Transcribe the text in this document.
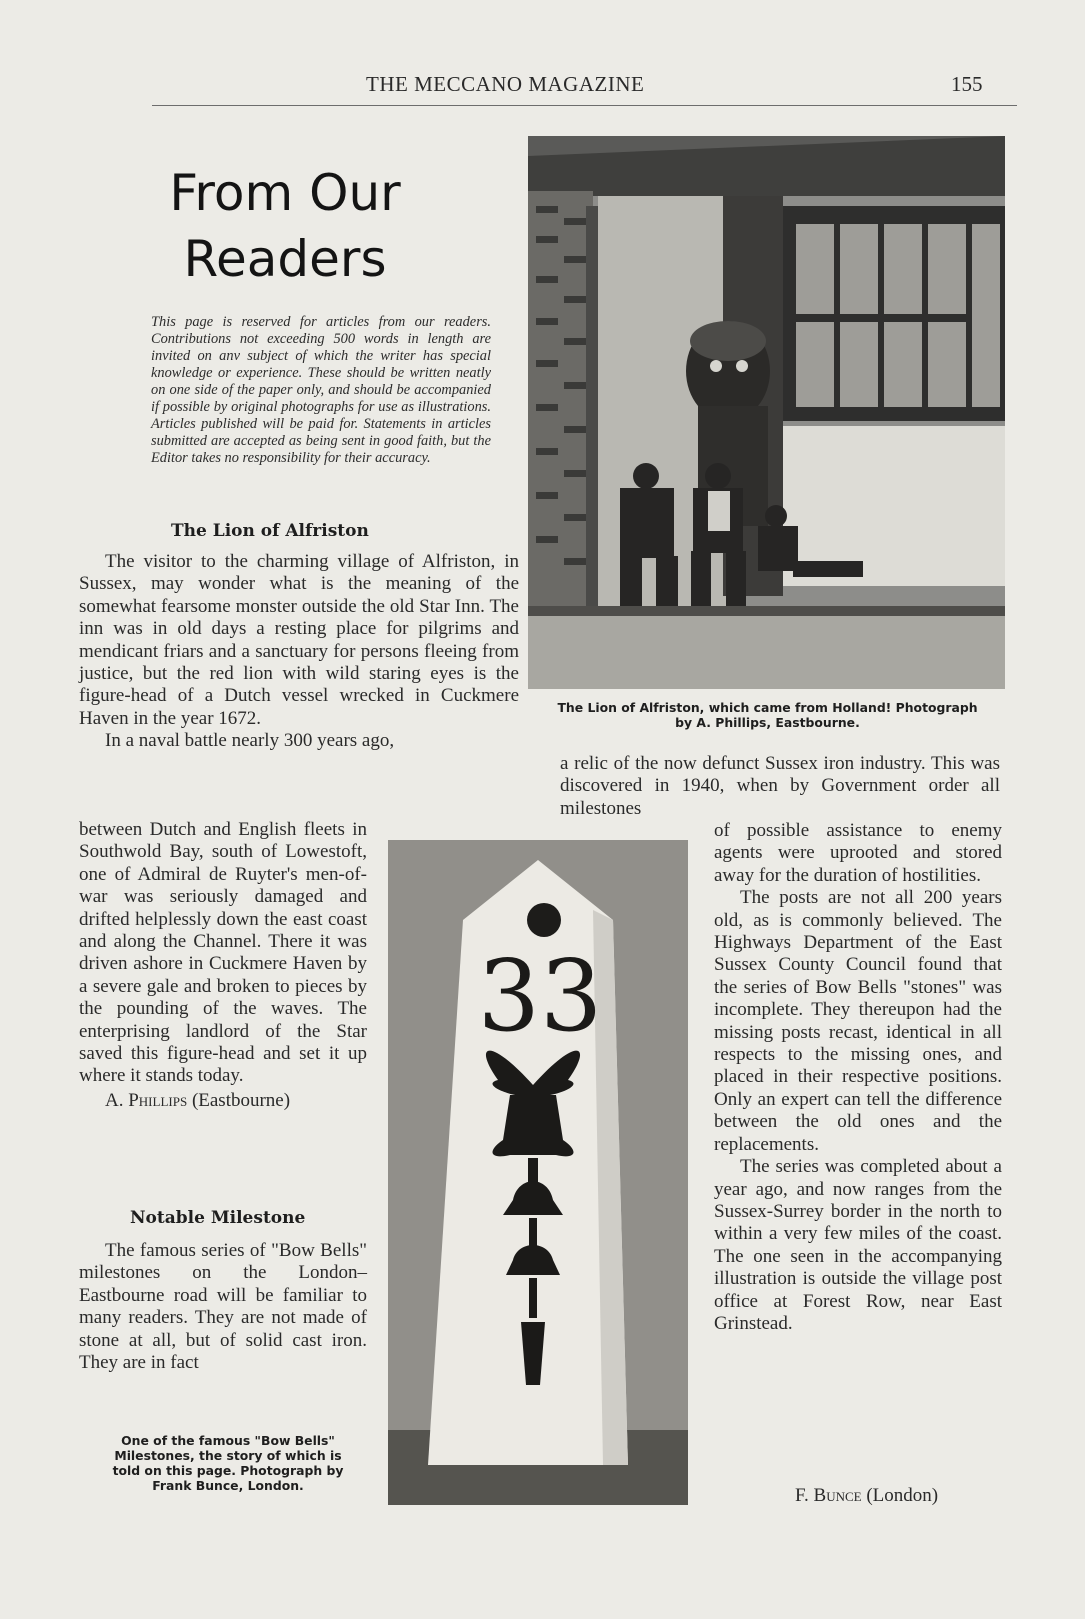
THE MECCANO MAGAZINE	155
From Our
Readers
This page is reserved for articles from our readers. Contributions not exceeding 500 words in length are invited on anv subject of which the writer has special knowledge or experience. These should be written neatly on one side of the paper only, and should be accompanied if possible by original photographs for use as illustrations. Articles published will be paid for. Statements in articles submitted are accepted as being sent in good faith, but the Editor takes no responsibility for their accuracy.
The Lion of Alfriston

The visitor to the charming village of Alfriston, in Sussex, may wonder what is the meaning of the somewhat fearsome monster outside the old Star Inn. The inn was in old days a resting place for pilgrims and mendicant friars and a sanctuary for persons fleeing from justice, but the red lion with wild staring eyes is the figure-head of a Dutch vessel wrecked in Cuckmere Haven in the year 1672.

In a naval battle nearly 300 years ago,

between Dutch and English fleets in Southwold Bay, south of Lowestoft, one of Admiral de Ruyter's men-of-war was seriously damaged and drifted helplessly down the east coast and along the Channel. There it was driven ashore in Cuckmere Haven by a severe gale and broken to pieces by the pounding of the waves. The enterprising landlord of the Star saved this figure-head and set it up where it stands today.

A. Phillips (Eastbourne)

Notable Milestone

The famous series of "Bow Bells" milestones on the London–Eastbourne road will be familiar to many readers. They are not made of stone at all, but of solid cast iron. They are in fact

a relic of the now defunct Sussex iron industry. This was discovered in 1940, when by Government order all milestones

of possible assistance to enemy agents were uprooted and stored away for the duration of hostilities.

The posts are not all 200 years old, as is commonly believed. The Highways Department of the East Sussex County Council found that the series of Bow Bells "stones" was incomplete. They thereupon had the missing posts recast, identical in all respects to the missing ones, and placed in their respective positions. Only an expert can tell the difference between the old ones and the replacements.

The series was completed about a year ago, and now ranges from the Sussex-Surrey border in the north to within a very few miles of the coast. The one seen in the accompanying illustration is outside the village post office at Forest Row, near East Grinstead.

F. Bunce (London)
The Lion of Alfriston, which came from Holland! Photograph
by A. Phillips, Eastbourne.
33
One of the famous "Bow Bells"
Milestones, the story of which is
told on this page. Photograph by
Frank Bunce, London.
